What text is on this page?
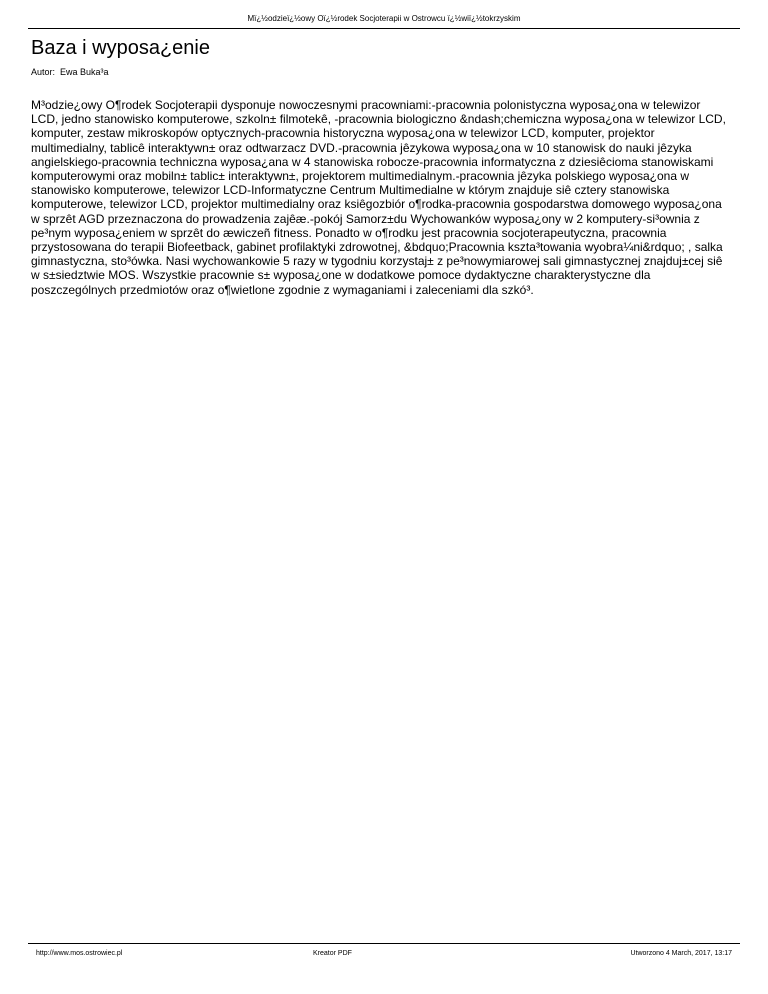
Mï¿½odzieï¿½owy Oï¿½rodek Socjoterapii w Ostrowcu ï¿½wiï¿½tokrzyskim
Baza i wyposa¿enie
Autor: Ewa Buka³a

M³odzie¿owy O¶rodek Socjoterapii dysponuje nowoczesnymi pracowniami:-pracownia polonistyczna wyposa¿ona w telewizor LCD, jedno stanowisko komputerowe, szkoln± filmotekê, -pracownia biologiczno &ndash;chemiczna wyposa¿ona w telewizor LCD, komputer, zestaw mikroskopów optycznych-pracownia historyczna wyposa¿ona w telewizor LCD, komputer, projektor multimedialny, tablicê interaktywn± oraz odtwarzacz DVD.-pracownia jêzykowa wyposa¿ona w 10 stanowisk do nauki jêzyka angielskiego-pracownia techniczna wyposa¿ana w 4 stanowiska robocze-pracownia informatyczna z dziesiêcioma stanowiskami komputerowymi oraz mobiln± tablic± interaktywn±, projektorem multimedialnym.-pracownia jêzyka polskiego wyposa¿ona w stanowisko komputerowe, telewizor LCD-Informatyczne Centrum Multimedialne w którym znajduje siê cztery stanowiska komputerowe, telewizor LCD, projektor multimedialny oraz ksiêgozbiór o¶rodka-pracownia gospodarstwa domowego wyposa¿ona w sprzêt AGD przeznaczona do prowadzenia zajêæ.-pokój Samorz±du Wychowanków wyposa¿ony w 2 komputery-si³ownia z pe³nym wyposa¿eniem w sprzêt do æwiczeñ fitness. Ponadto w o¶rodku jest pracownia socjoterapeutyczna, pracownia przystosowana do terapii Biofeetback, gabinet profilaktyki zdrowotnej, &bdquo;Pracownia kszta³towania wyobra¼ni&rdquo; , salka gimnastyczna, sto³ówka. Nasi wychowankowie 5 razy w tygodniu korzystaj± z pe³nowymiarowej sali gimnastycznej znajduj±cej siê w s±siedztwie MOS. Wszystkie pracownie s± wyposa¿one w dodatkowe pomoce dydaktyczne charakterystyczne dla poszczególnych przedmiotów oraz o¶wietlone zgodnie z wymaganiami i zaleceniami dla szkó³.

http://www.mos.ostrowiec.pl	Kreator PDF	Utworzono 4 March, 2017, 13:17
